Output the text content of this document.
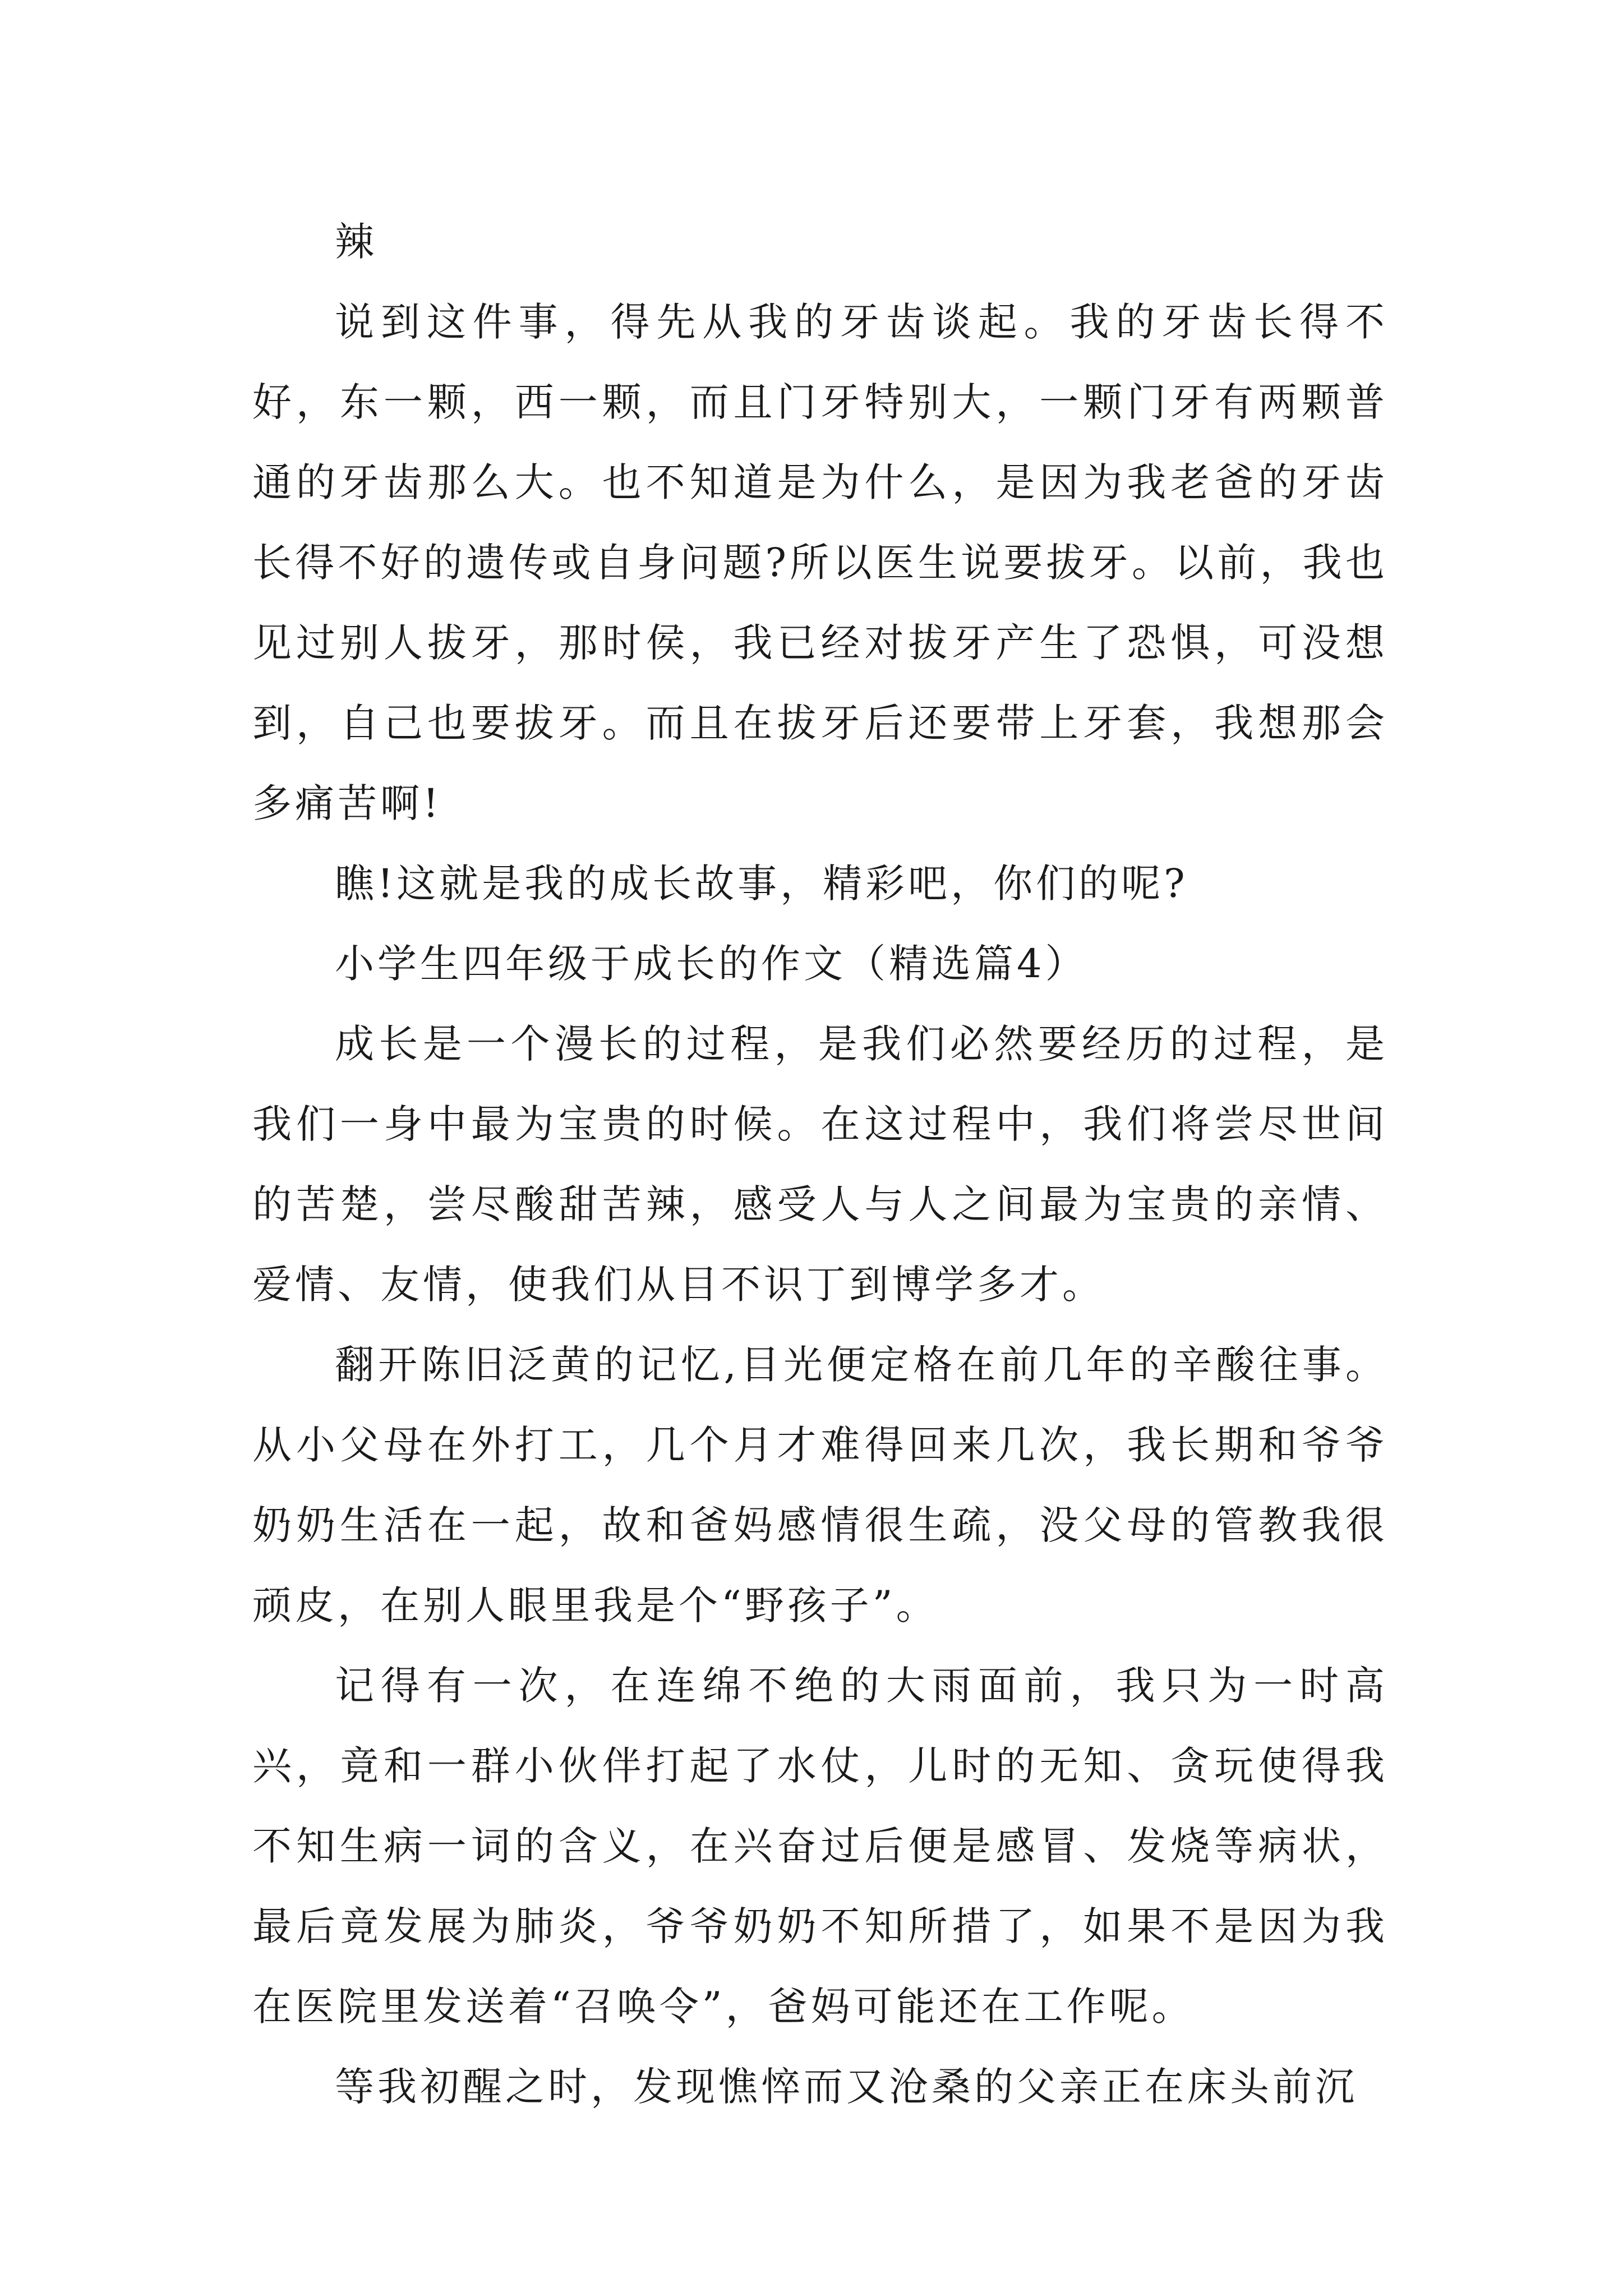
辣

说到这件事，得先从我的牙齿谈起。我的牙齿长得不好，东一颗，西一颗，而且门牙特别大，一颗门牙有两颗普通的牙齿那么大。也不知道是为什么，是因为我老爸的牙齿长得不好的遗传或自身问题?所以医生说要拔牙。以前，我也见过别人拔牙，那时侯，我已经对拔牙产生了恐惧，可没想到，自己也要拔牙。而且在拔牙后还要带上牙套，我想那会多痛苦啊!

瞧!这就是我的成长故事，精彩吧，你们的呢?

小学生四年级于成长的作文（精选篇4）

成长是一个漫长的过程，是我们必然要经历的过程，是我们一身中最为宝贵的时候。在这过程中，我们将尝尽世间的苦楚，尝尽酸甜苦辣，感受人与人之间最为宝贵的亲情、爱情、友情，使我们从目不识丁到博学多才。

翻开陈旧泛黄的记忆,目光便定格在前几年的辛酸往事。从小父母在外打工，几个月才难得回来几次，我长期和爷爷奶奶生活在一起，故和爸妈感情很生疏，没父母的管教我很顽皮，在别人眼里我是个“野孩子”。

记得有一次，在连绵不绝的大雨面前，我只为一时高兴，竟和一群小伙伴打起了水仗，儿时的无知、贪玩使得我不知生病一词的含义，在兴奋过后便是感冒、发烧等病状，最后竟发展为肺炎，爷爷奶奶不知所措了，如果不是因为我在医院里发送着“召唤令”，爸妈可能还在工作呢。

等我初醒之时，发现憔悴而又沧桑的父亲正在床头前沉
